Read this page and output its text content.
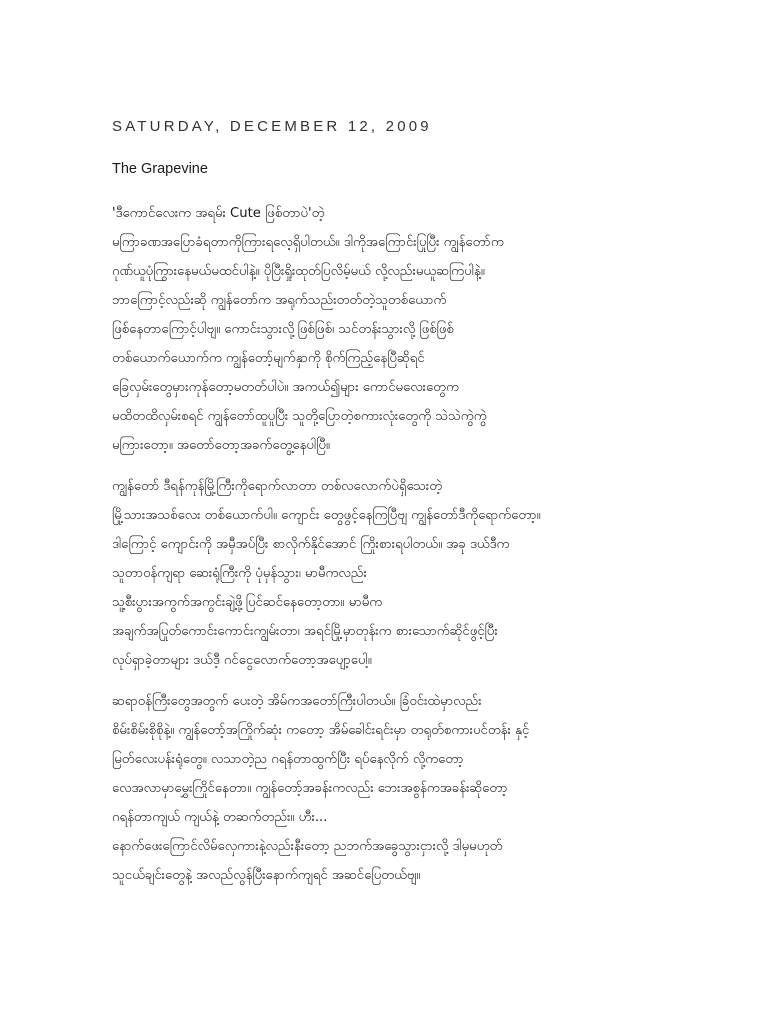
SATURDAY, DECEMBER 12, 2009
The Grapevine

'ဒီကောင်လေးက အရမ်း Cute ဖြစ်တာပဲ'တဲ့
မကြာခဏအပြောခံရတာကိုကြားရလေ့ရှိပါတယ်။ ဒါကိုအကြောင်းပြုပြီး ကျွန်တော်က
ဂုဏ်ယူပုံကြွားနေမယ်မထင်ပါနဲ့။ ပိုပြီးရှိုးထုတ်ပြလိမ့်မယ် လို့လည်းမယူဆကြပါနဲ့။
ဘာကြောင့်လည်းဆို ကျွန်တော်က အရုက်သည်းတတ်တဲ့သူတစ်ယောက်
ဖြစ်နေတာကြောင့်ပါဗျ။ ကောင်းသွားလို့ဖြစ်ဖြစ်၊ သင်တန်းသွားလို့ ဖြစ်ဖြစ်
တစ်ယောက်ယောက်က ကျွန်တော့်မျက်နှာကို စိုက်ကြည့်နေပြီဆိုရင်
ခြေလှမ်းတွေမှားကုန်တော့မတတ်ပါပဲ။ အကယ်၍များ ကောင်မလေးတွေက
မထိတထိလှမ်းစရင် ကျွန်တော်ထူပူပြီး သူတို့ပြောတဲ့စကားလုံးတွေကို သဲသဲကွဲကွဲ
မကြားတော့။ အတော်တော့အခက်တွေ့နေပါပြီ။

ကျွန်တော် ဒီရန်ကုန်မြို့ကြီးကိုရောက်လာတာ တစ်လလောက်ပဲရှိသေးတဲ့
မြို့သားအသစ်လေး တစ်ယောက်ပါ။ ကျောင်း တွေဖွင့်နေကြပြီဗျ ကျွန်တော်ဒီကိုရောက်တော့။
ဒါကြောင့် ကျောင်းကို အမှီအပ်ပြီး စာလိုက်နိုင်အောင် ကြိုးစားရပါတယ်။ အခု ဒယ်ဒီက
သူတာဝန်ကျရာ ဆေးရုံကြီးကို ပုံမှန်သွား၊ မာမီကလည်း
သူ့စီးပွားအကွက်အကွင်းချဲ့ဖို့ပြင်ဆင်နေတော့တာ။ မာမီက
အချက်အပြုတ်ကောင်းကောင်းကျွမ်းတာ၊ အရင်မြို့မှာတုန်းက စားသောက်ဆိုင်ဖွင့်ပြီး
လုပ်ရှာခဲ့တာများ ဒယ်ဒီ့ ဂင်ငွေလောက်တော့အပျော့ပေါ့။

ဆရာဝန်ကြီးတွေအတွက် ပေးတဲ့ အိမ်ကအတော်ကြီးပါတယ်။ ခြံဝင်းထဲမှာလည်း
စိမ်းစိမ်းစိုစိုနဲ့။ ကျွန်တော့်အကြိုက်ဆုံး ကတော့ အိမ်ခေါင်းရင်းမှာ တရုတ်စကားပင်တန်း နှင့်
မြတ်လေးပန်းရုံတွေ။ လသာတဲ့ည ဂရန်တာထွက်ပြီး ရပ်နေလိုက် လို့ကတော့
လေအလာမှာမွှေးကြိုင်နေတာ။ ကျွန်တော့်အခန်းကလည်း ဘေးအစွန်ကအခန်းဆိုတော့
ဂရန်တာကျယ် ကျယ်နဲ့ တဆက်တည်း။ ဟီး...
နောက်ဖေးကြောင်လိမ်လှေကားနဲ့လည်းနီးတော့ ညဘက်အခွေသွားငှားလို့ ဒါမှမဟုတ်
သူငယ်ချင်းတွေနဲ့ အလည်လွန်ပြီးနောက်ကျရင် အဆင်ပြေတယ်ဗျ။
